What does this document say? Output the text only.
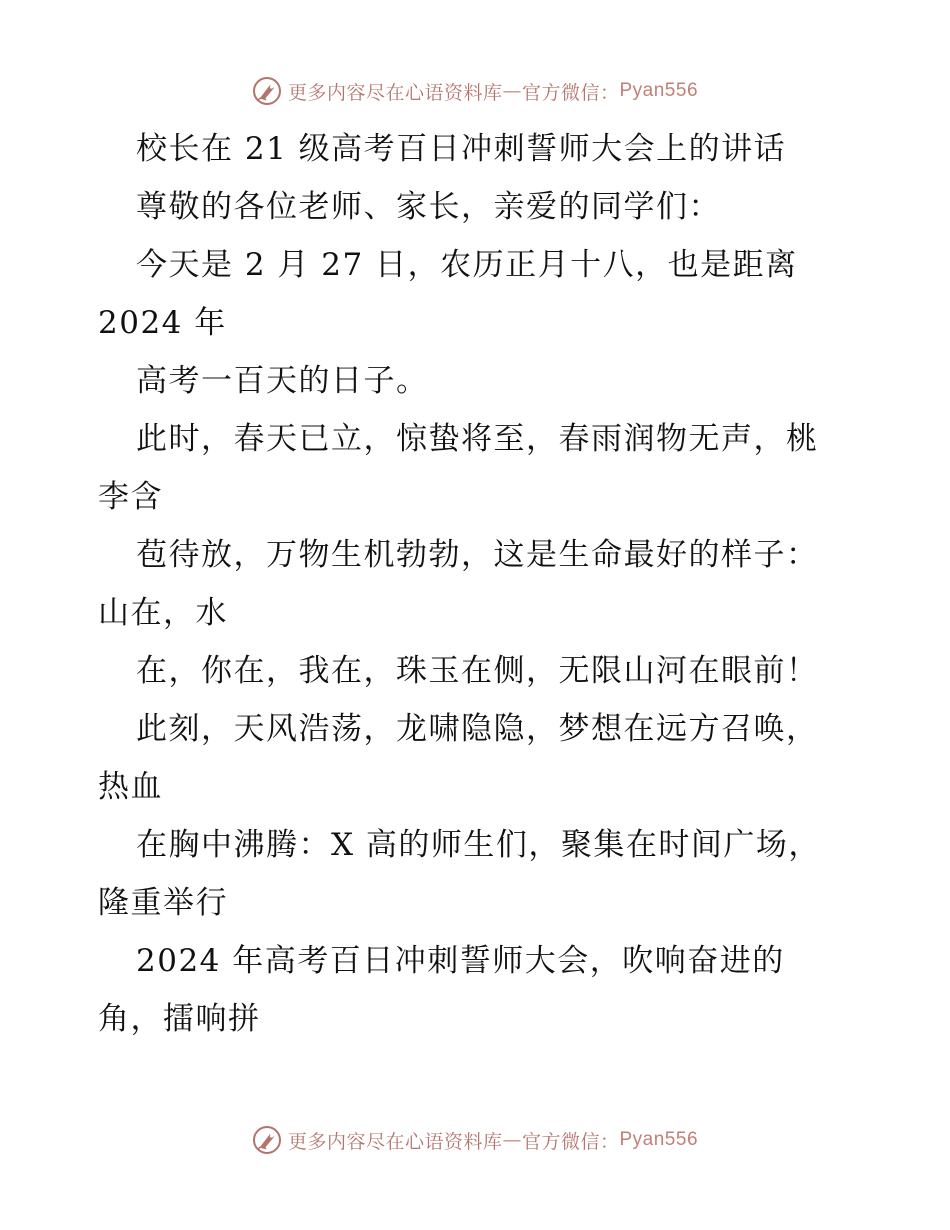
更多内容尽在心语资料库 — 官方微信： Pyan556
校长在 21 级高考百日冲刺誓师大会上的讲话
尊敬的各位老师、家长，亲爱的同学们：
今天是 2 月 27 日，农历正月十八，也是距离
2024 年
高考一百天的日子。
此时，春天已立，惊蛰将至，春雨润物无声，桃
李含
苞待放，万物生机勃勃，这是生命最好的样子：
山在，水
在，你在，我在，珠玉在侧，无限山河在眼前！
此刻，天风浩荡，龙啸隐隐，梦想在远方召唤，
热血
在胸中沸腾：X 高的师生们，聚集在时间广场，
隆重举行
2024 年高考百日冲刺誓师大会，吹响奋进的
角，擂响拼
更多内容尽在心语资料库 — 官方微信： Pyan556
